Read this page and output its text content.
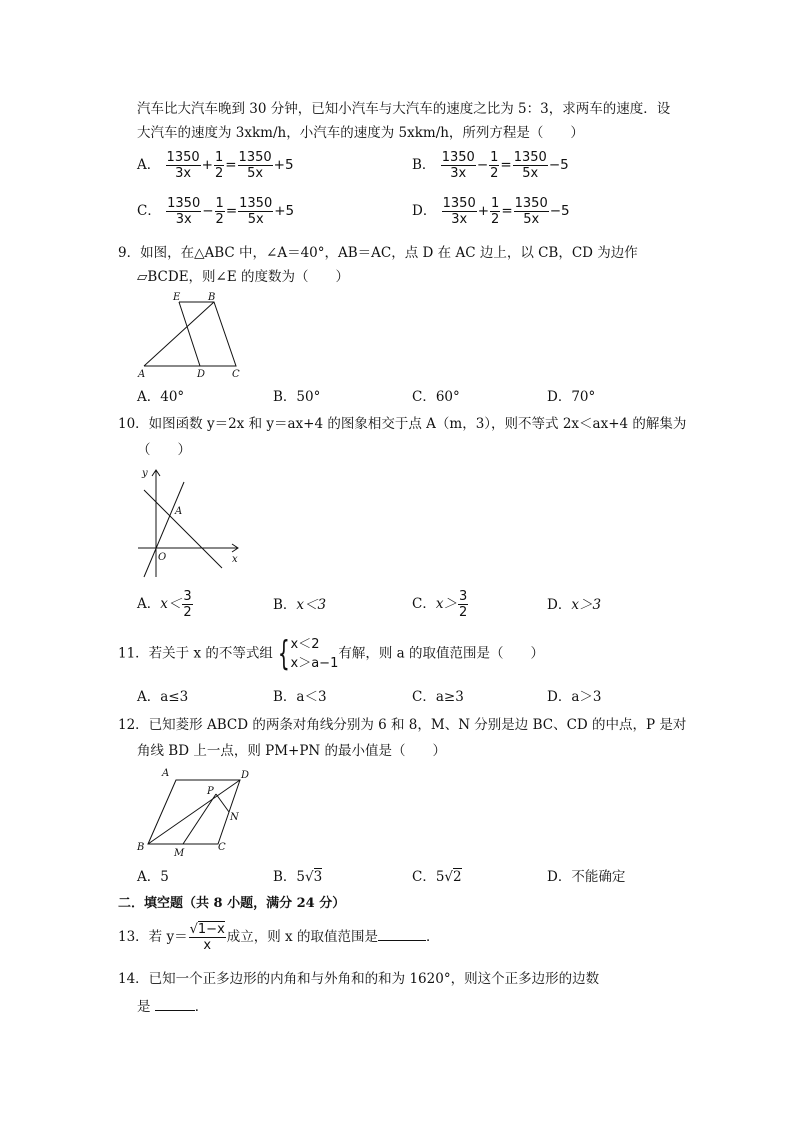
汽车比大汽车晚到 30 分钟，已知小汽车与大汽车的速度之比为 5：3，求两车的速度．设
大汽车的速度为 3xkm/h，小汽车的速度为 5xkm/h，所列方程是（　　）
A． $\frac{1350}{3x} + \frac{1}{2} = \frac{1350}{5x} +5$	B． $\frac{1350}{3x} - \frac{1}{2} = \frac{1350}{5x} -5$
C． $\frac{1350}{3x} - \frac{1}{2} = \frac{1350}{5x} +5$	D． $\frac{1350}{3x} + \frac{1}{2} = \frac{1350}{5x} -5$
9．如图，在△ABC 中，∠A＝40°，AB＝AC，点 D 在 AC 边上，以 CB，CD 为边作
▱BCDE，则∠E 的度数为（　　）
E	B
A	D	C
A．40°	B．50°	C．60°	D．70°
10．如图函数 y＝2x 和 y＝ax+4 的图象相交于点 A（m，3），则不等式 2x＜ax+4 的解集为
（　　）
y
x
A
O
A．$x< \frac{3}{2}$	B．x＜3	C．$x> \frac{3}{2}$	D．x＞3
11．若关于 x 的不等式组 { x＜2
x＞a−1
有解，则 a 的取值范围是（　　）
A．a≤3	B．a＜3	C．a≥3	D．a＞3
12．已知菱形 ABCD 的两条对角线分别为 6 和 8，M、N 分别是边 BC、CD 的中点，P 是对
角线 BD 上一点，则 PM+PN 的最小值是（　　）
A	D
P
N
B
M
C
A．5	B．5√3	C．5√2	D．不能确定
二．填空题（共 8 小题，满分 24 分）
13．若 $y= \frac{√1-x}{x}$ 成立，则 x 的取值范围是	．
14．已知一个正多边形的内角和与外角和的和为 1620°，则这个正多边形的边数
是	．
